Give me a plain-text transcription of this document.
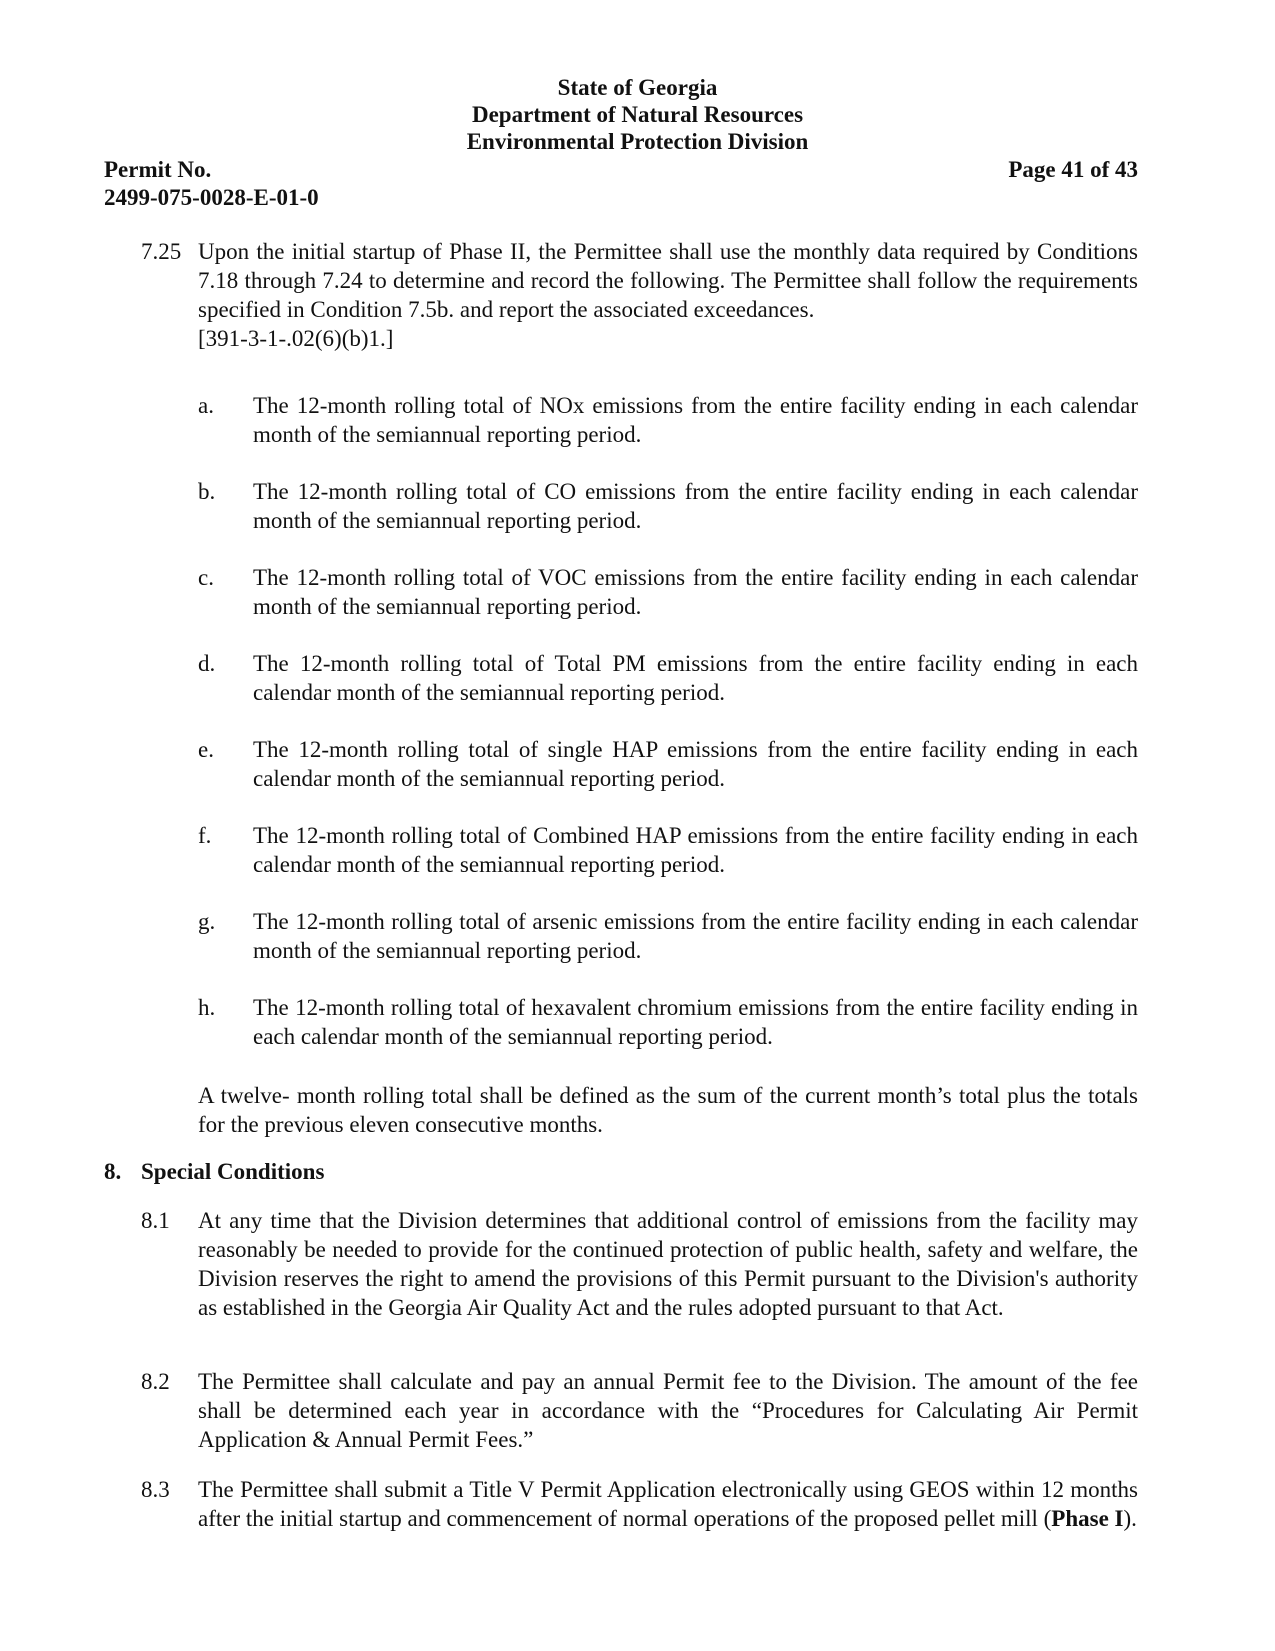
State of Georgia
Department of Natural Resources
Environmental Protection Division
Permit No.
2499-075-0028-E-01-0
Page 41 of 43
7.25 Upon the initial startup of Phase II, the Permittee shall use the monthly data required by Conditions 7.18 through 7.24 to determine and record the following. The Permittee shall follow the requirements specified in Condition 7.5b. and report the associated exceedances.
[391-3-1-.02(6)(b)1.]
a. The 12-month rolling total of NOx emissions from the entire facility ending in each calendar month of the semiannual reporting period.
b. The 12-month rolling total of CO emissions from the entire facility ending in each calendar month of the semiannual reporting period.
c. The 12-month rolling total of VOC emissions from the entire facility ending in each calendar month of the semiannual reporting period.
d. The 12-month rolling total of Total PM emissions from the entire facility ending in each calendar month of the semiannual reporting period.
e. The 12-month rolling total of single HAP emissions from the entire facility ending in each calendar month of the semiannual reporting period.
f. The 12-month rolling total of Combined HAP emissions from the entire facility ending in each calendar month of the semiannual reporting period.
g. The 12-month rolling total of arsenic emissions from the entire facility ending in each calendar month of the semiannual reporting period.
h. The 12-month rolling total of hexavalent chromium emissions from the entire facility ending in each calendar month of the semiannual reporting period.
A twelve- month rolling total shall be defined as the sum of the current month’s total plus the totals for the previous eleven consecutive months.
8. Special Conditions
8.1 At any time that the Division determines that additional control of emissions from the facility may reasonably be needed to provide for the continued protection of public health, safety and welfare, the Division reserves the right to amend the provisions of this Permit pursuant to the Division's authority as established in the Georgia Air Quality Act and the rules adopted pursuant to that Act.
8.2 The Permittee shall calculate and pay an annual Permit fee to the Division. The amount of the fee shall be determined each year in accordance with the “Procedures for Calculating Air Permit Application & Annual Permit Fees.”
8.3 The Permittee shall submit a Title V Permit Application electronically using GEOS within 12 months after the initial startup and commencement of normal operations of the proposed pellet mill (Phase I).
